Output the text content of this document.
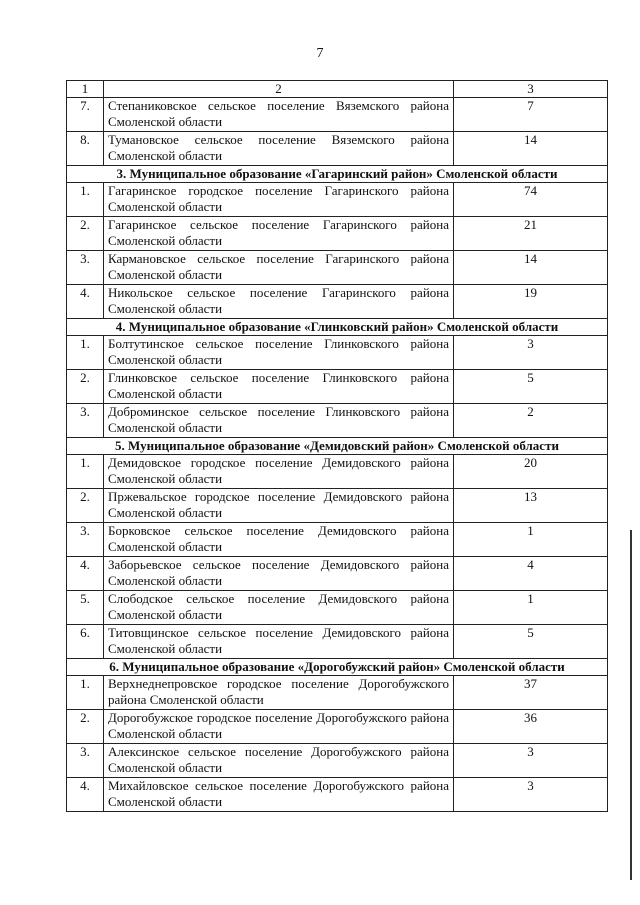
7
1	2	3
7.	Степаниковское сельское поселение Вяземского района Смоленской области	7
8.	Тумановское сельское поселение Вяземского района Смоленской области	14
3. Муниципальное образование «Гагаринский район» Смоленской области		
1.	Гагаринское городское поселение Гагаринского района Смоленской области	74
2.	Гагаринское сельское поселение Гагаринского района Смоленской области	21
3.	Кармановское сельское поселение Гагаринского района Смоленской области	14
4.	Никольское сельское поселение Гагаринского района Смоленской области	19
4. Муниципальное образование «Глинковский район» Смоленской области		
1.	Болтутинское сельское поселение Глинковского района Смоленской области	3
2.	Глинковское сельское поселение Глинковского района Смоленской области	5
3.	Доброминское сельское поселение Глинковского района Смоленской области	2
5. Муниципальное образование «Демидовский район» Смоленской области		
1.	Демидовское городское поселение Демидовского района Смоленской области	20
2.	Пржевальское городское поселение Демидовского района Смоленской области	13
3.	Борковское сельское поселение Демидовского района Смоленской области	1
4.	Заборьевское сельское поселение Демидовского района Смоленской области	4
5.	Слободское сельское поселение Демидовского района Смоленской области	1
6.	Титовщинское сельское поселение Демидовского района Смоленской области	5
6. Муниципальное образование «Дорогобужский район» Смоленской области		
1.	Верхнеднепровское городское поселение Дорогобужского района Смоленской области	37
2.	Дорогобужское городское поселение Дорогобужского района Смоленской области	36
3.	Алексинское сельское поселение Дорогобужского района Смоленской области	3
4.	Михайловское сельское поселение Дорогобужского района Смоленской области	3
